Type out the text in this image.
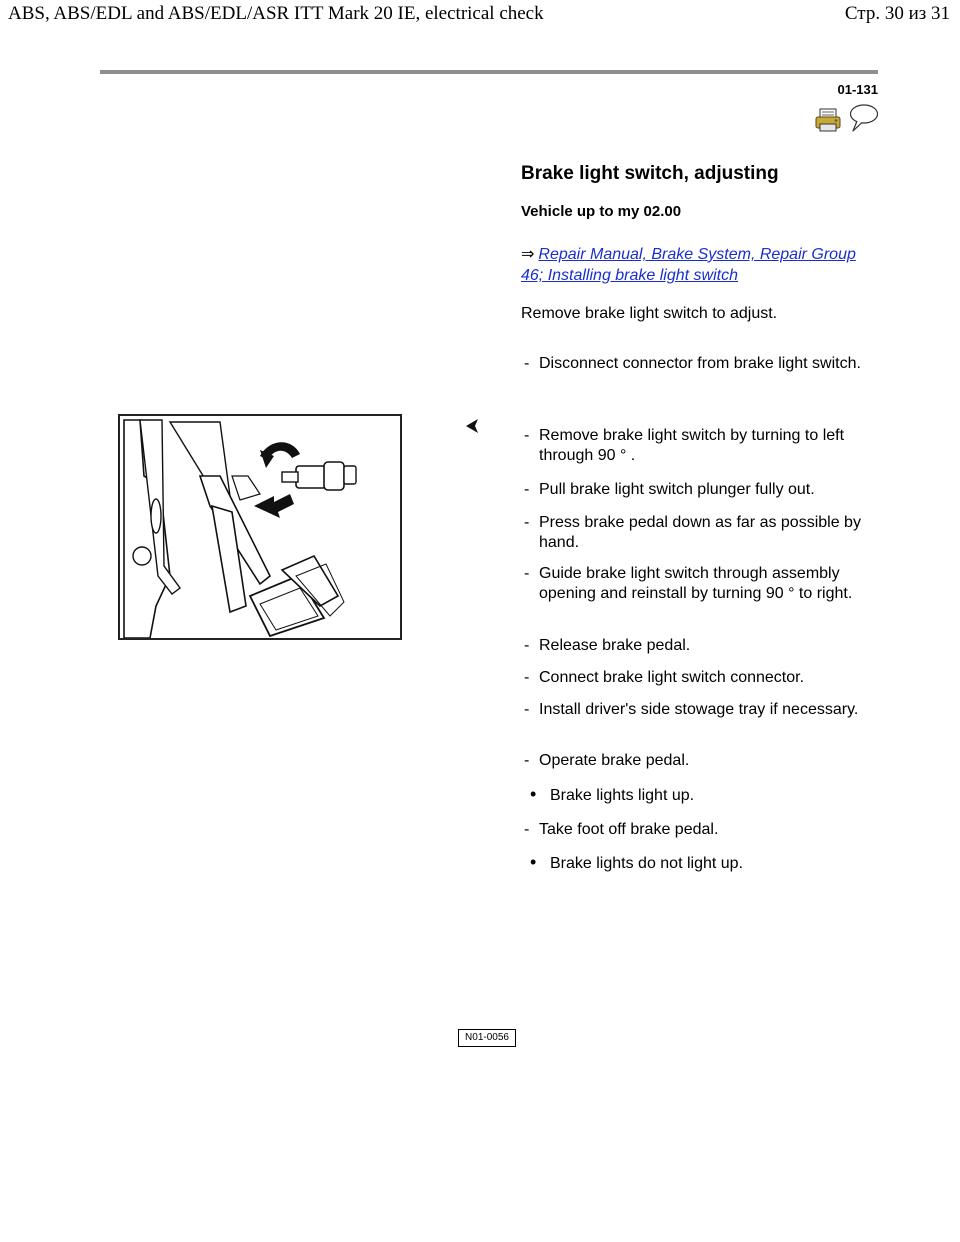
ABS, ABS/EDL and ABS/EDL/ASR ITT Mark 20 IE, electrical check	Стр. 30 из 31
01-131
Brake light switch, adjusting
Vehicle up to my 02.00
⇒ Repair Manual, Brake System, Repair Group 46; Installing brake light switch
Remove brake light switch to adjust.
N01-0056
- Disconnect connector from brake light switch.
- Remove brake light switch by turning to left through 90 ° .
- Pull brake light switch plunger fully out.
- Press brake pedal down as far as possible by hand.
- Guide brake light switch through assembly opening and reinstall by turning 90 ° to right.
- Release brake pedal.
- Connect brake light switch connector.
- Install driver's side stowage tray if necessary.
- Operate brake pedal.
• Brake lights light up.
- Take foot off brake pedal.
• Brake lights do not light up.
